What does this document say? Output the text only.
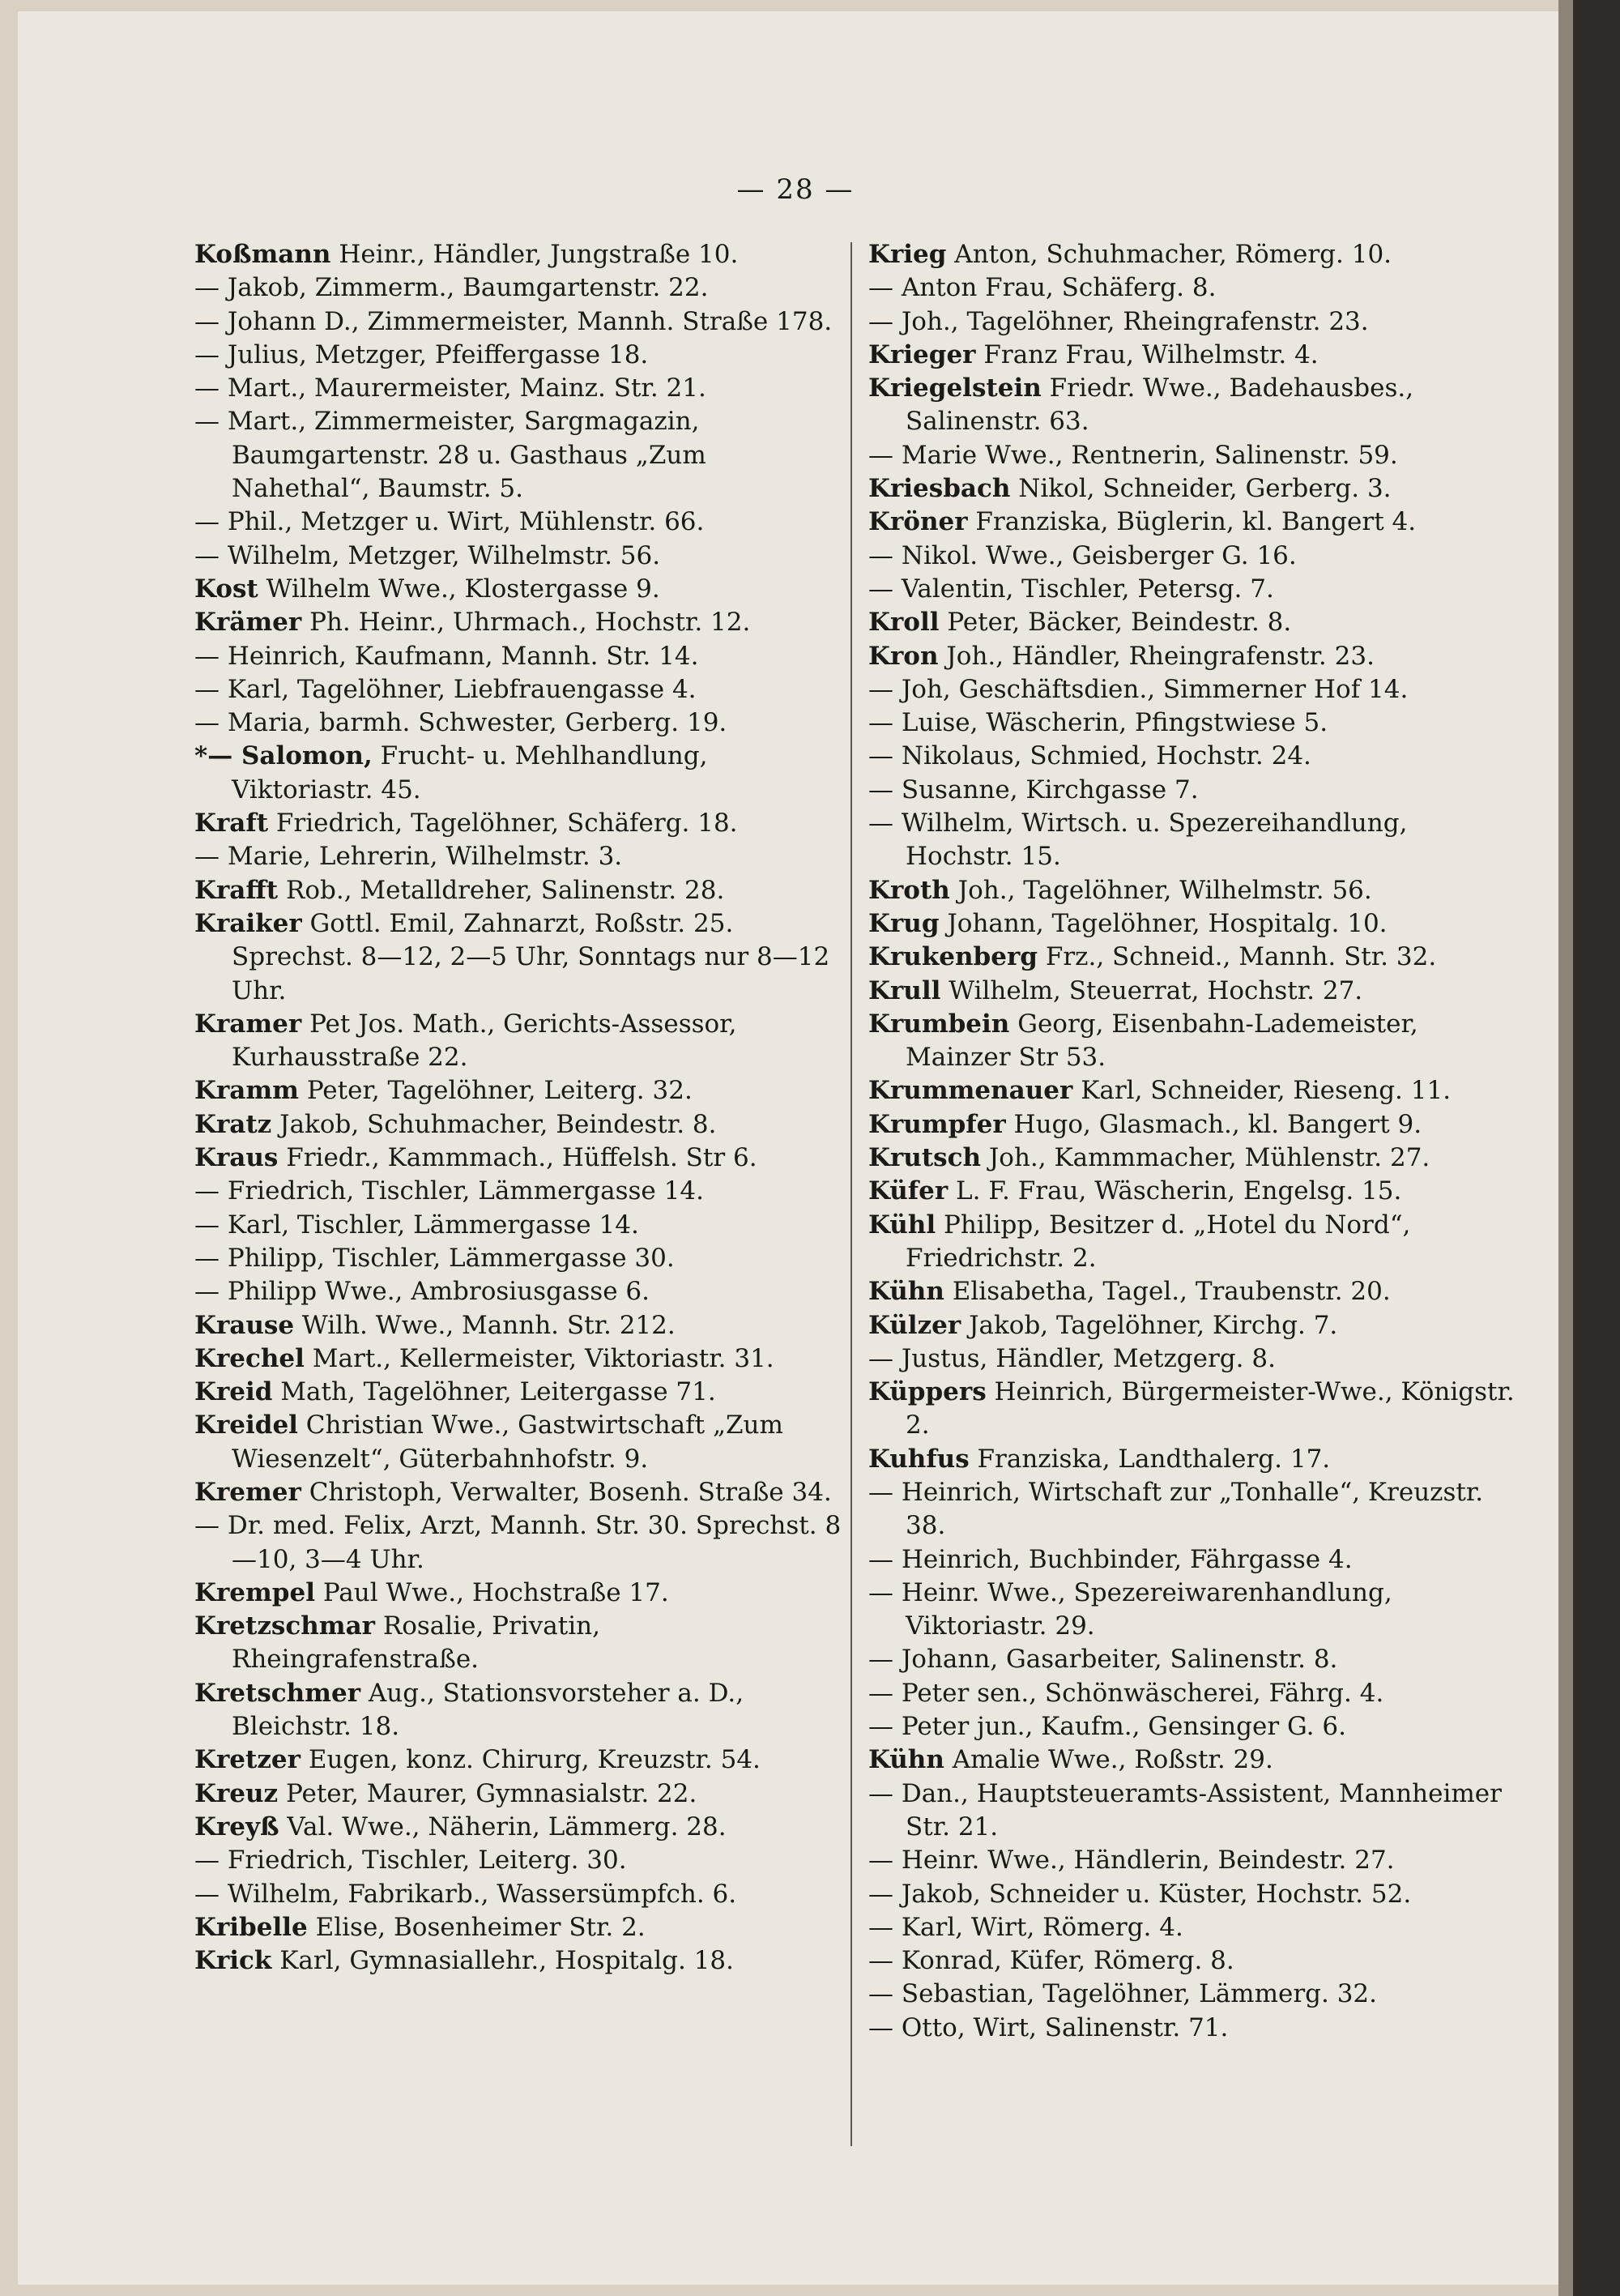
— 28 —
Koßmann Heinr., Händler, Jungstraße 10.
— Jakob, Zimmerm., Baumgartenstr. 22.
— Johann D., Zimmermeister, Mannh. Straße 178.
— Julius, Metzger, Pfeiffergasse 18.
— Mart., Maurermeister, Mainz. Str. 21.
— Mart., Zimmermeister, Sargmagazin, Baumgartenstr. 28 u. Gasthaus „Zum Nahethal“, Baumstr. 5.
— Phil., Metzger u. Wirt, Mühlenstr. 66.
— Wilhelm, Metzger, Wilhelmstr. 56.
Kost Wilhelm Wwe., Klostergasse 9.
Krämer Ph. Heinr., Uhrmach., Hochstr. 12.
— Heinrich, Kaufmann, Mannh. Str. 14.
— Karl, Tagelöhner, Liebfrauengasse 4.
— Maria, barmh. Schwester, Gerberg. 19.
*— Salomon, Frucht- u. Mehlhandlung, Viktoriastr. 45.
Kraft Friedrich, Tagelöhner, Schäferg. 18.
— Marie, Lehrerin, Wilhelmstr. 3.
Krafft Rob., Metalldreher, Salinenstr. 28.
Kraiker Gottl. Emil, Zahnarzt, Roßstr. 25. Sprechst. 8—12, 2—5 Uhr, Sonntags nur 8—12 Uhr.
Kramer Pet Jos. Math., Gerichts-Assessor, Kurhausstraße 22.
Kramm Peter, Tagelöhner, Leiterg. 32.
Kratz Jakob, Schuhmacher, Beindestr. 8.
Kraus Friedr., Kammmach., Hüffelsh. Str 6.
— Friedrich, Tischler, Lämmergasse 14.
— Karl, Tischler, Lämmergasse 14.
— Philipp, Tischler, Lämmergasse 30.
— Philipp Wwe., Ambrosiusgasse 6.
Krause Wilh. Wwe., Mannh. Str. 212.
Krechel Mart., Kellermeister, Viktoriastr. 31.
Kreid Math, Tagelöhner, Leitergasse 71.
Kreidel Christian Wwe., Gastwirtschaft „Zum Wiesenzelt“, Güterbahnhofstr. 9.
Kremer Christoph, Verwalter, Bosenh. Straße 34.
— Dr. med. Felix, Arzt, Mannh. Str. 30. Sprechst. 8—10, 3—4 Uhr.
Krempel Paul Wwe., Hochstraße 17.
Kretzschmar Rosalie, Privatin, Rheingrafenstraße.
Kretschmer Aug., Stationsvorsteher a. D., Bleichstr. 18.
Kretzer Eugen, konz. Chirurg, Kreuzstr. 54.
Kreuz Peter, Maurer, Gymnasialstr. 22.
Kreyß Val. Wwe., Näherin, Lämmerg. 28.
— Friedrich, Tischler, Leiterg. 30.
— Wilhelm, Fabrikarb., Wassersümpfch. 6.
Kribelle Elise, Bosenheimer Str. 2.
Krick Karl, Gymnasiallehr., Hospitalg. 18.
Krieg Anton, Schuhmacher, Römerg. 10.
— Anton Frau, Schäferg. 8.
— Joh., Tagelöhner, Rheingrafenstr. 23.
Krieger Franz Frau, Wilhelmstr. 4.
Kriegelstein Friedr. Wwe., Badehausbes., Salinenstr. 63.
— Marie Wwe., Rentnerin, Salinenstr. 59.
Kriesbach Nikol, Schneider, Gerberg. 3.
Kröner Franziska, Büglerin, kl. Bangert 4.
— Nikol. Wwe., Geisberger G. 16.
— Valentin, Tischler, Petersg. 7.
Kroll Peter, Bäcker, Beindestr. 8.
Kron Joh., Händler, Rheingrafenstr. 23.
— Joh, Geschäftsdien., Simmerner Hof 14.
— Luise, Wäscherin, Pfingstwiese 5.
— Nikolaus, Schmied, Hochstr. 24.
— Susanne, Kirchgasse 7.
— Wilhelm, Wirtsch. u. Spezereihandlung, Hochstr. 15.
Kroth Joh., Tagelöhner, Wilhelmstr. 56.
Krug Johann, Tagelöhner, Hospitalg. 10.
Krukenberg Frz., Schneid., Mannh. Str. 32.
Krull Wilhelm, Steuerrat, Hochstr. 27.
Krumbein Georg, Eisenbahn-Lademeister, Mainzer Str 53.
Krummenauer Karl, Schneider, Rieseng. 11.
Krumpfer Hugo, Glasmach., kl. Bangert 9.
Krutsch Joh., Kammmacher, Mühlenstr. 27.
Küfer L. F. Frau, Wäscherin, Engelsg. 15.
Kühl Philipp, Besitzer d. „Hotel du Nord“, Friedrichstr. 2.
Kühn Elisabetha, Tagel., Traubenstr. 20.
Külzer Jakob, Tagelöhner, Kirchg. 7.
— Justus, Händler, Metzgerg. 8.
Küppers Heinrich, Bürgermeister-Wwe., Königstr. 2.
Kuhfus Franziska, Landthalerg. 17.
— Heinrich, Wirtschaft zur „Tonhalle“, Kreuzstr. 38.
— Heinrich, Buchbinder, Fährgasse 4.
— Heinr. Wwe., Spezereiwarenhandlung, Viktoriastr. 29.
— Johann, Gasarbeiter, Salinenstr. 8.
— Peter sen., Schönwäscherei, Fährg. 4.
— Peter jun., Kaufm., Gensinger G. 6.
Kühn Amalie Wwe., Roßstr. 29.
— Dan., Hauptsteueramts-Assistent, Mannheimer Str. 21.
— Heinr. Wwe., Händlerin, Beindestr. 27.
— Jakob, Schneider u. Küster, Hochstr. 52.
— Karl, Wirt, Römerg. 4.
— Konrad, Küfer, Römerg. 8.
— Sebastian, Tagelöhner, Lämmerg. 32.
— Otto, Wirt, Salinenstr. 71.
